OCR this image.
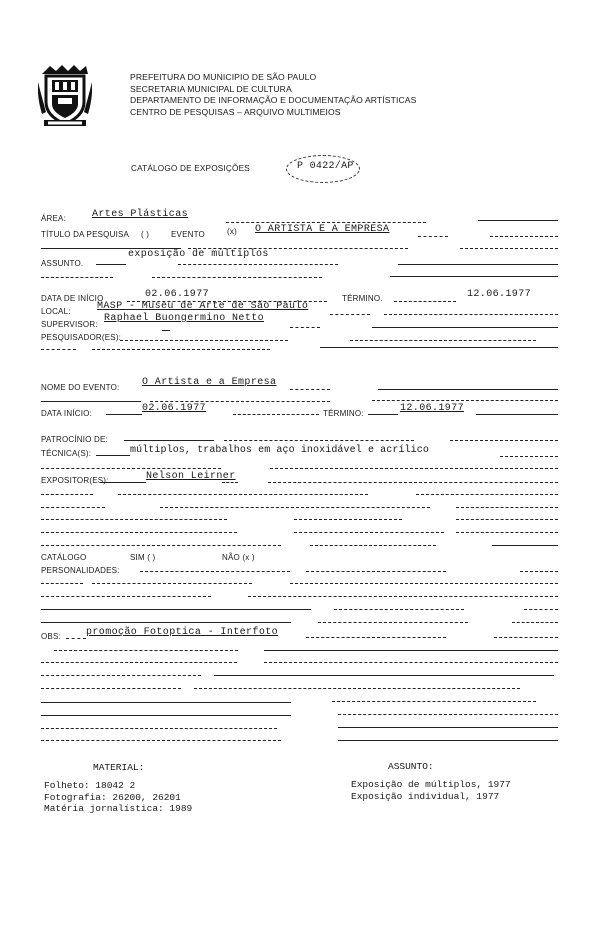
PREFEITURA DO MUNICIPIO DE SÃO PAULO
SECRETARIA MUNICIPAL DE CULTURA
DEPARTAMENTO DE INFORMAÇÃO E DOCUMENTAÇÃO ARTÍSTICAS
CENTRO DE PESQUISAS – ARQUIVO MULTIMEIOS
CATÁLOGO DE EXPOSIÇÕES	P 0422/AP
ÁREA:	Artes Plásticas
TÍTULO DA PESQUISA ( )	EVENTO	(x) O ARTISTA E A EMPRESA
ASSUNTO.
exposição de múltiplos
DATA DE INÍCIO	02.06.1977	TÉRMINO.	12.06.1977
LOCAL:	MASP - Museu de Arte de São Paulo
SUPERVISOR:
Raphael Buongermino Netto
PESQUISADOR(ES):
NOME DO EVENTO: O Artista e a Empresa
DATA INÍCIO:	02.06.1977	TÉRMINO:	12.06.1977
PATROCÍNIO DE:
TÉCNICA(S):	múltiplos, trabalhos em aço inoxidável e acrílico
EXPOSITOR(ES):	Nelson Leirner
CATÁLOGO	SIM ( )	NÃO (x )
PERSONALIDADES:
OBS:	promoção Fotoptica - Interfoto
MATERIAL:
Folheto: 18042 2
Fotografia: 26200, 26201
Matéria jornalística: 1989
ASSUNTO:
Exposição de múltiplos, 1977
Exposição individual, 1977
